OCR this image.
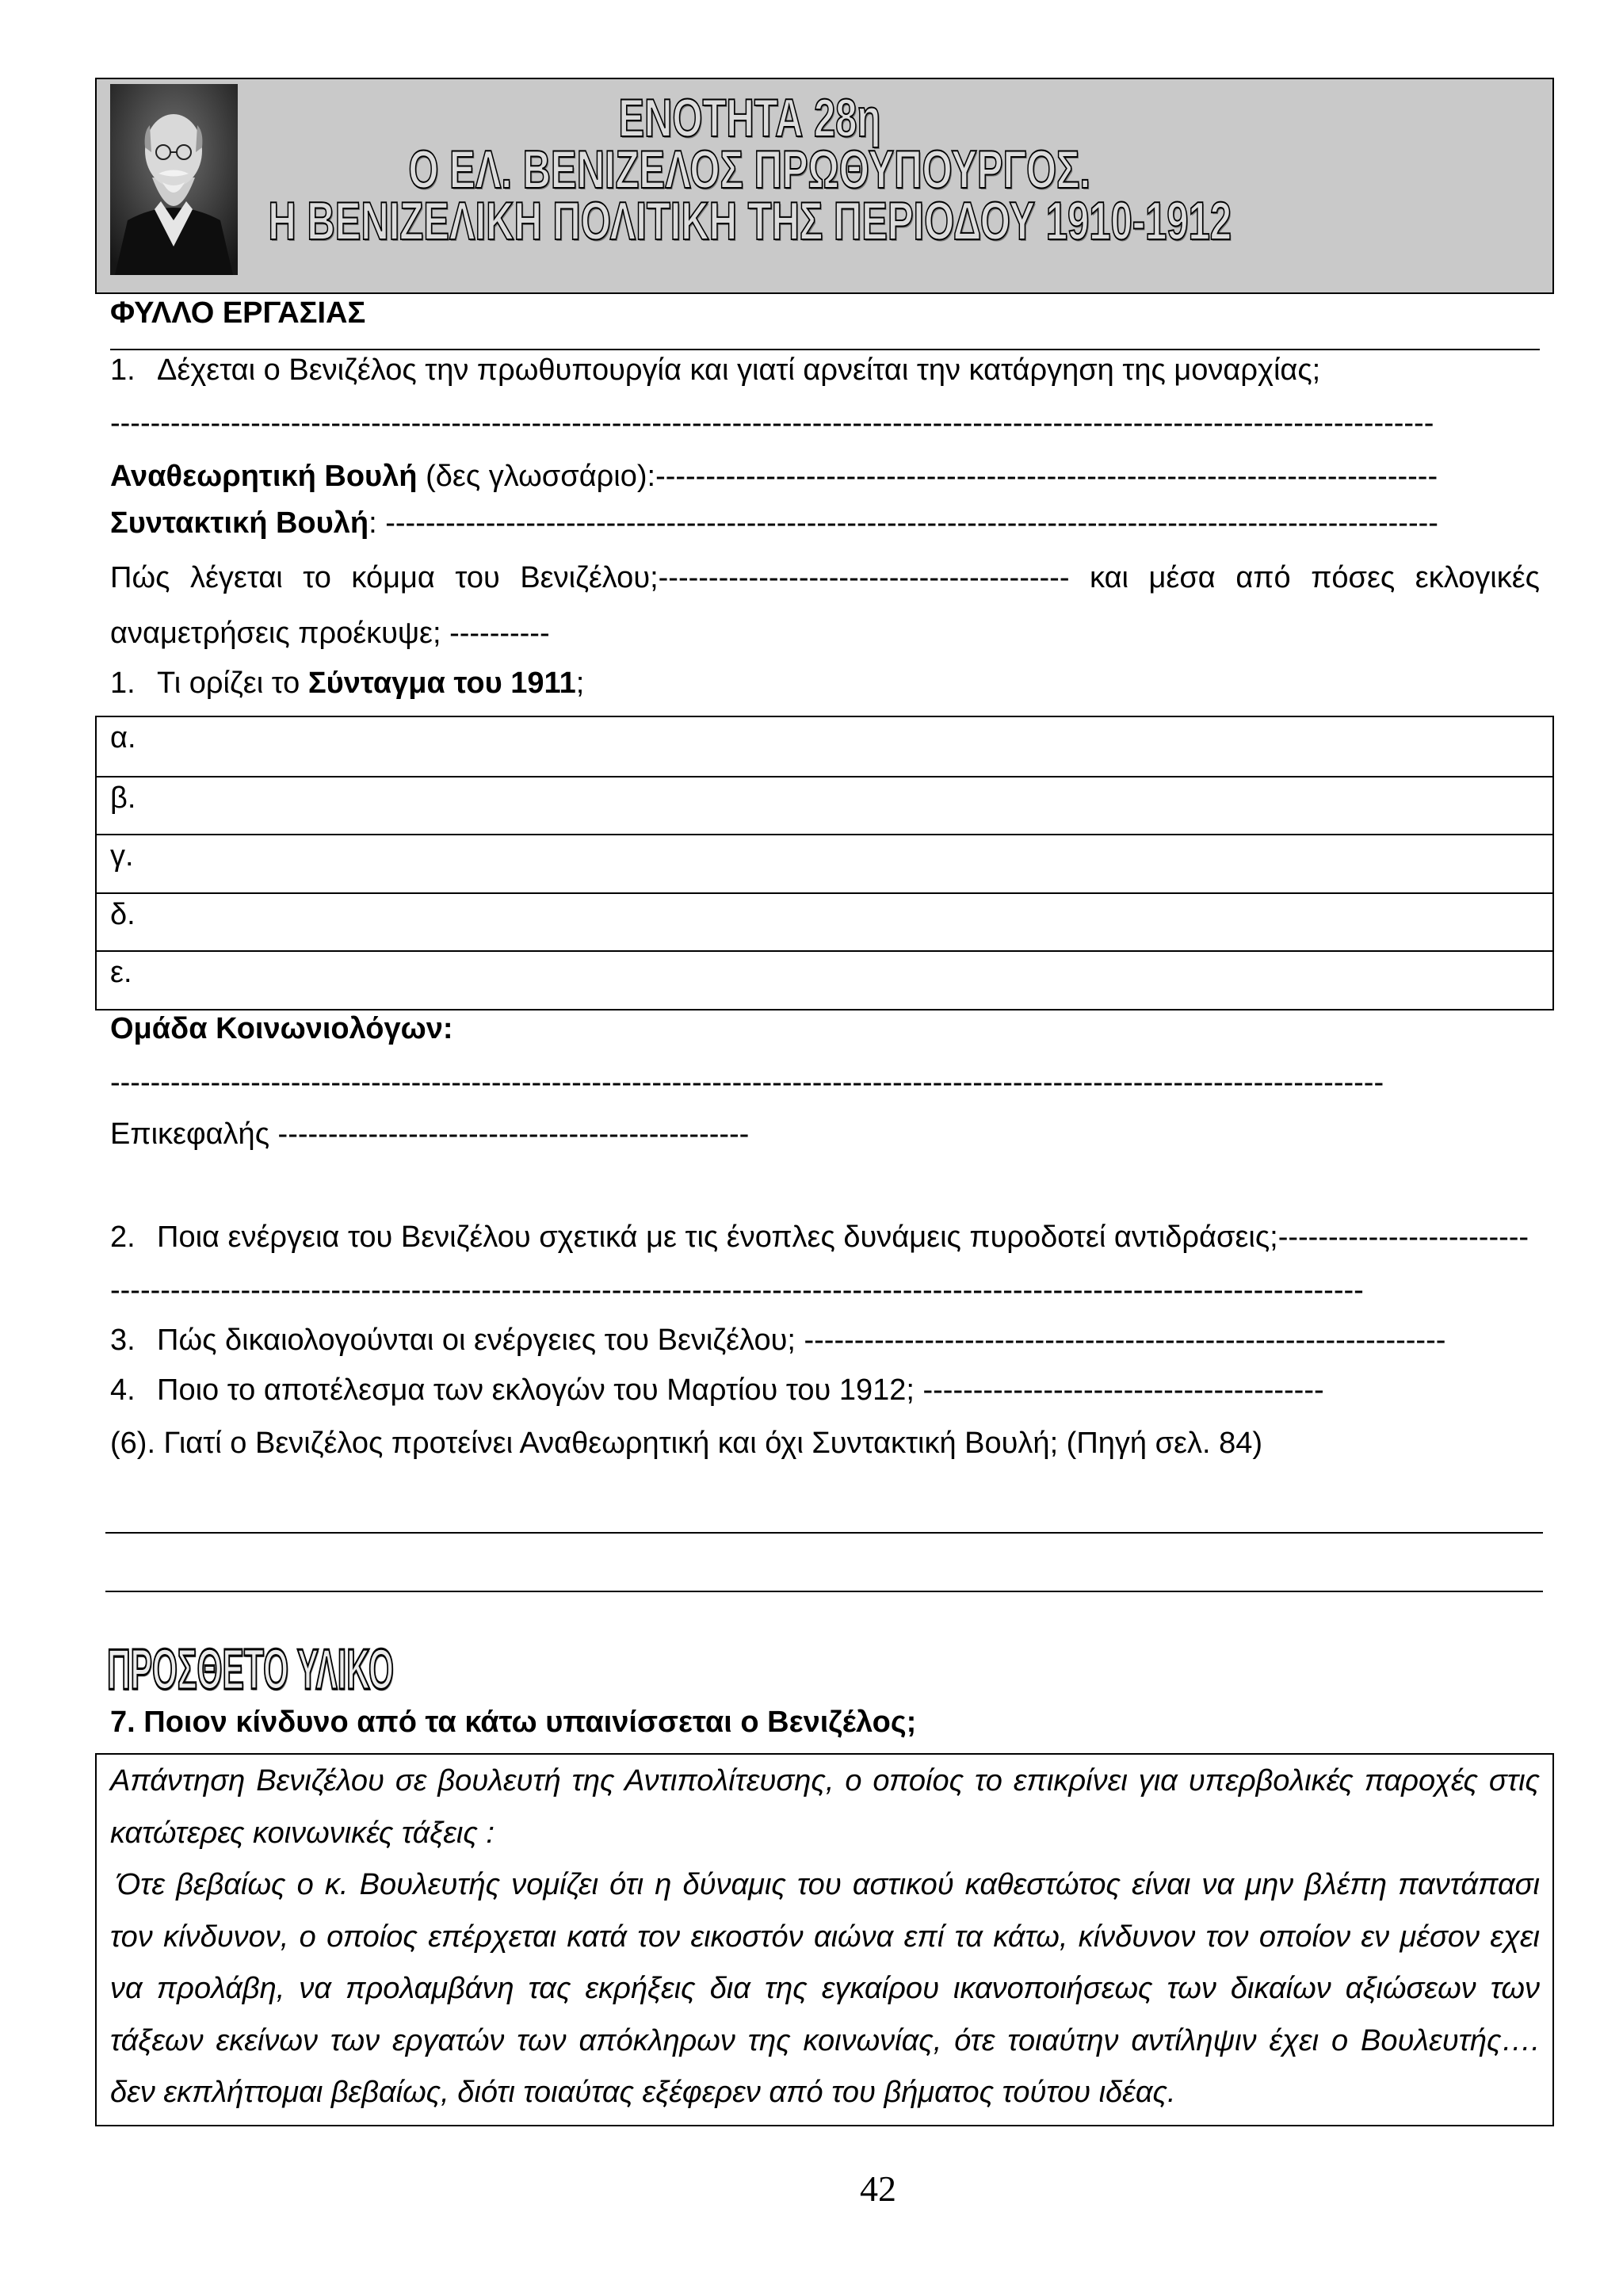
ΕΝΟΤΗΤΑ 28η
Ο ΕΛ. ΒΕΝΙΖΕΛΟΣ ΠΡΩΘΥΠΟΥΡΓΟΣ.
Η ΒΕΝΙΖΕΛΙΚΗ ΠΟΛΙΤΙΚΗ ΤΗΣ ΠΕΡΙΟΔΟΥ 1910-1912
ΦΥΛΛΟ ΕΡΓΑΣΙΑΣ
1. Δέχεται ο Βενιζέλος την πρωθυπουργία και γιατί αρνείται την κατάργηση της μοναρχίας;
------------------------------------------------------------------------------------------------------------------------------------
Αναθεωρητική Βουλή (δες γλωσσάριο):------------------------------------------------------------------------------
Συντακτική Βουλή: ---------------------------------------------------------------------------------------------------------
Πώς λέγεται το κόμμα του Βενιζέλου;----------------------------------------- και μέσα από πόσες εκλογικές
αναμετρήσεις προέκυψε; ----------
1. Τι ορίζει το Σύνταγμα του 1911;
α.
β.
γ.
δ.
ε.
Ομάδα Κοινωνιολόγων:
-------------------------------------------------------------------------------------------------------------------------------
Επικεφαλής -----------------------------------------------
2. Ποια ενέργεια του Βενιζέλου σχετικά με τις ένοπλες δυνάμεις πυροδοτεί αντιδράσεις;-------------------------
-----------------------------------------------------------------------------------------------------------------------------
3. Πώς δικαιολογούνται οι ενέργειες του Βενιζέλου; ----------------------------------------------------------------
4. Ποιο το αποτέλεσμα των εκλογών του Μαρτίου του 1912; ----------------------------------------
(6). Γιατί ο Βενιζέλος προτείνει Αναθεωρητική και όχι Συντακτική Βουλή; (Πηγή σελ. 84)
ΠΡΟΣΘΕΤΟ ΥΛΙΚΟ
7. Ποιον κίνδυνο από τα κάτω υπαινίσσεται ο Βενιζέλος;
Απάντηση Βενιζέλου σε βουλευτή της Αντιπολίτευσης, ο οποίος το επικρίνει για υπερβολικές παροχές στις
κατώτερες κοινωνικές τάξεις :
Ότε βεβαίως ο κ. Βουλευτής νομίζει ότι η δύναμις του αστικού καθεστώτος είναι να μην βλέπη παντάπασι
τον κίνδυνον, ο οποίος επέρχεται κατά τον εικοστόν αιώνα επί τα κάτω, κίνδυνον τον οποίον εν μέσον εχει
να προλάβη, να προλαμβάνη τας εκρήξεις δια της εγκαίρου ικανοποιήσεως των δικαίων αξιώσεων των
τάξεων εκείνων των εργατών των απόκληρων της κοινωνίας, ότε τοιαύτην αντίληψιν έχει ο Βουλευτής….
δεν εκπλήττομαι βεβαίως, διότι τοιαύτας εξέφερεν από του βήματος τούτου ιδέας.
42
